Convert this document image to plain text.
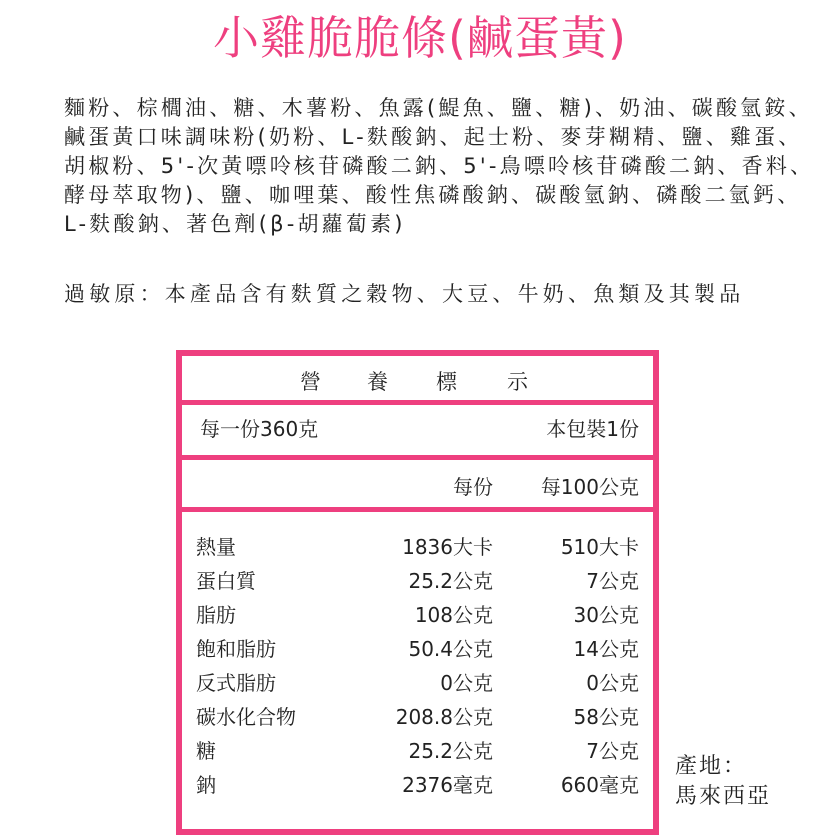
小雞脆脆條(鹹蛋黃)

麵粉、棕櫚油、糖、木薯粉、魚露(鯷魚、鹽、糖)、奶油、碳酸氫銨、鹹蛋黃口味調味粉(奶粉、L-麩酸鈉、起士粉、麥芽糊精、鹽、雞蛋、胡椒粉、5'-次黃嘌呤核苷磷酸二鈉、5'-鳥嘌呤核苷磷酸二鈉、香料、酵母萃取物)、鹽、咖哩葉、酸性焦磷酸鈉、碳酸氫鈉、磷酸二氫鈣、L-麩酸鈉、著色劑(β-胡蘿蔔素)

過敏原：本產品含有麩質之穀物、大豆、牛奶、魚類及其製品

營 養 標 示
每一份360克	本包裝1份
每份 每100公克
熱量	1836大卡	510大卡
蛋白質	25.2公克	7公克
脂肪	108公克	30公克
飽和脂肪	50.4公克	14公克
反式脂肪	0公克	0公克
碳水化合物	208.8公克	58公克
糖	25.2公克	7公克
鈉	2376毫克	660毫克
產地：
馬來西亞
